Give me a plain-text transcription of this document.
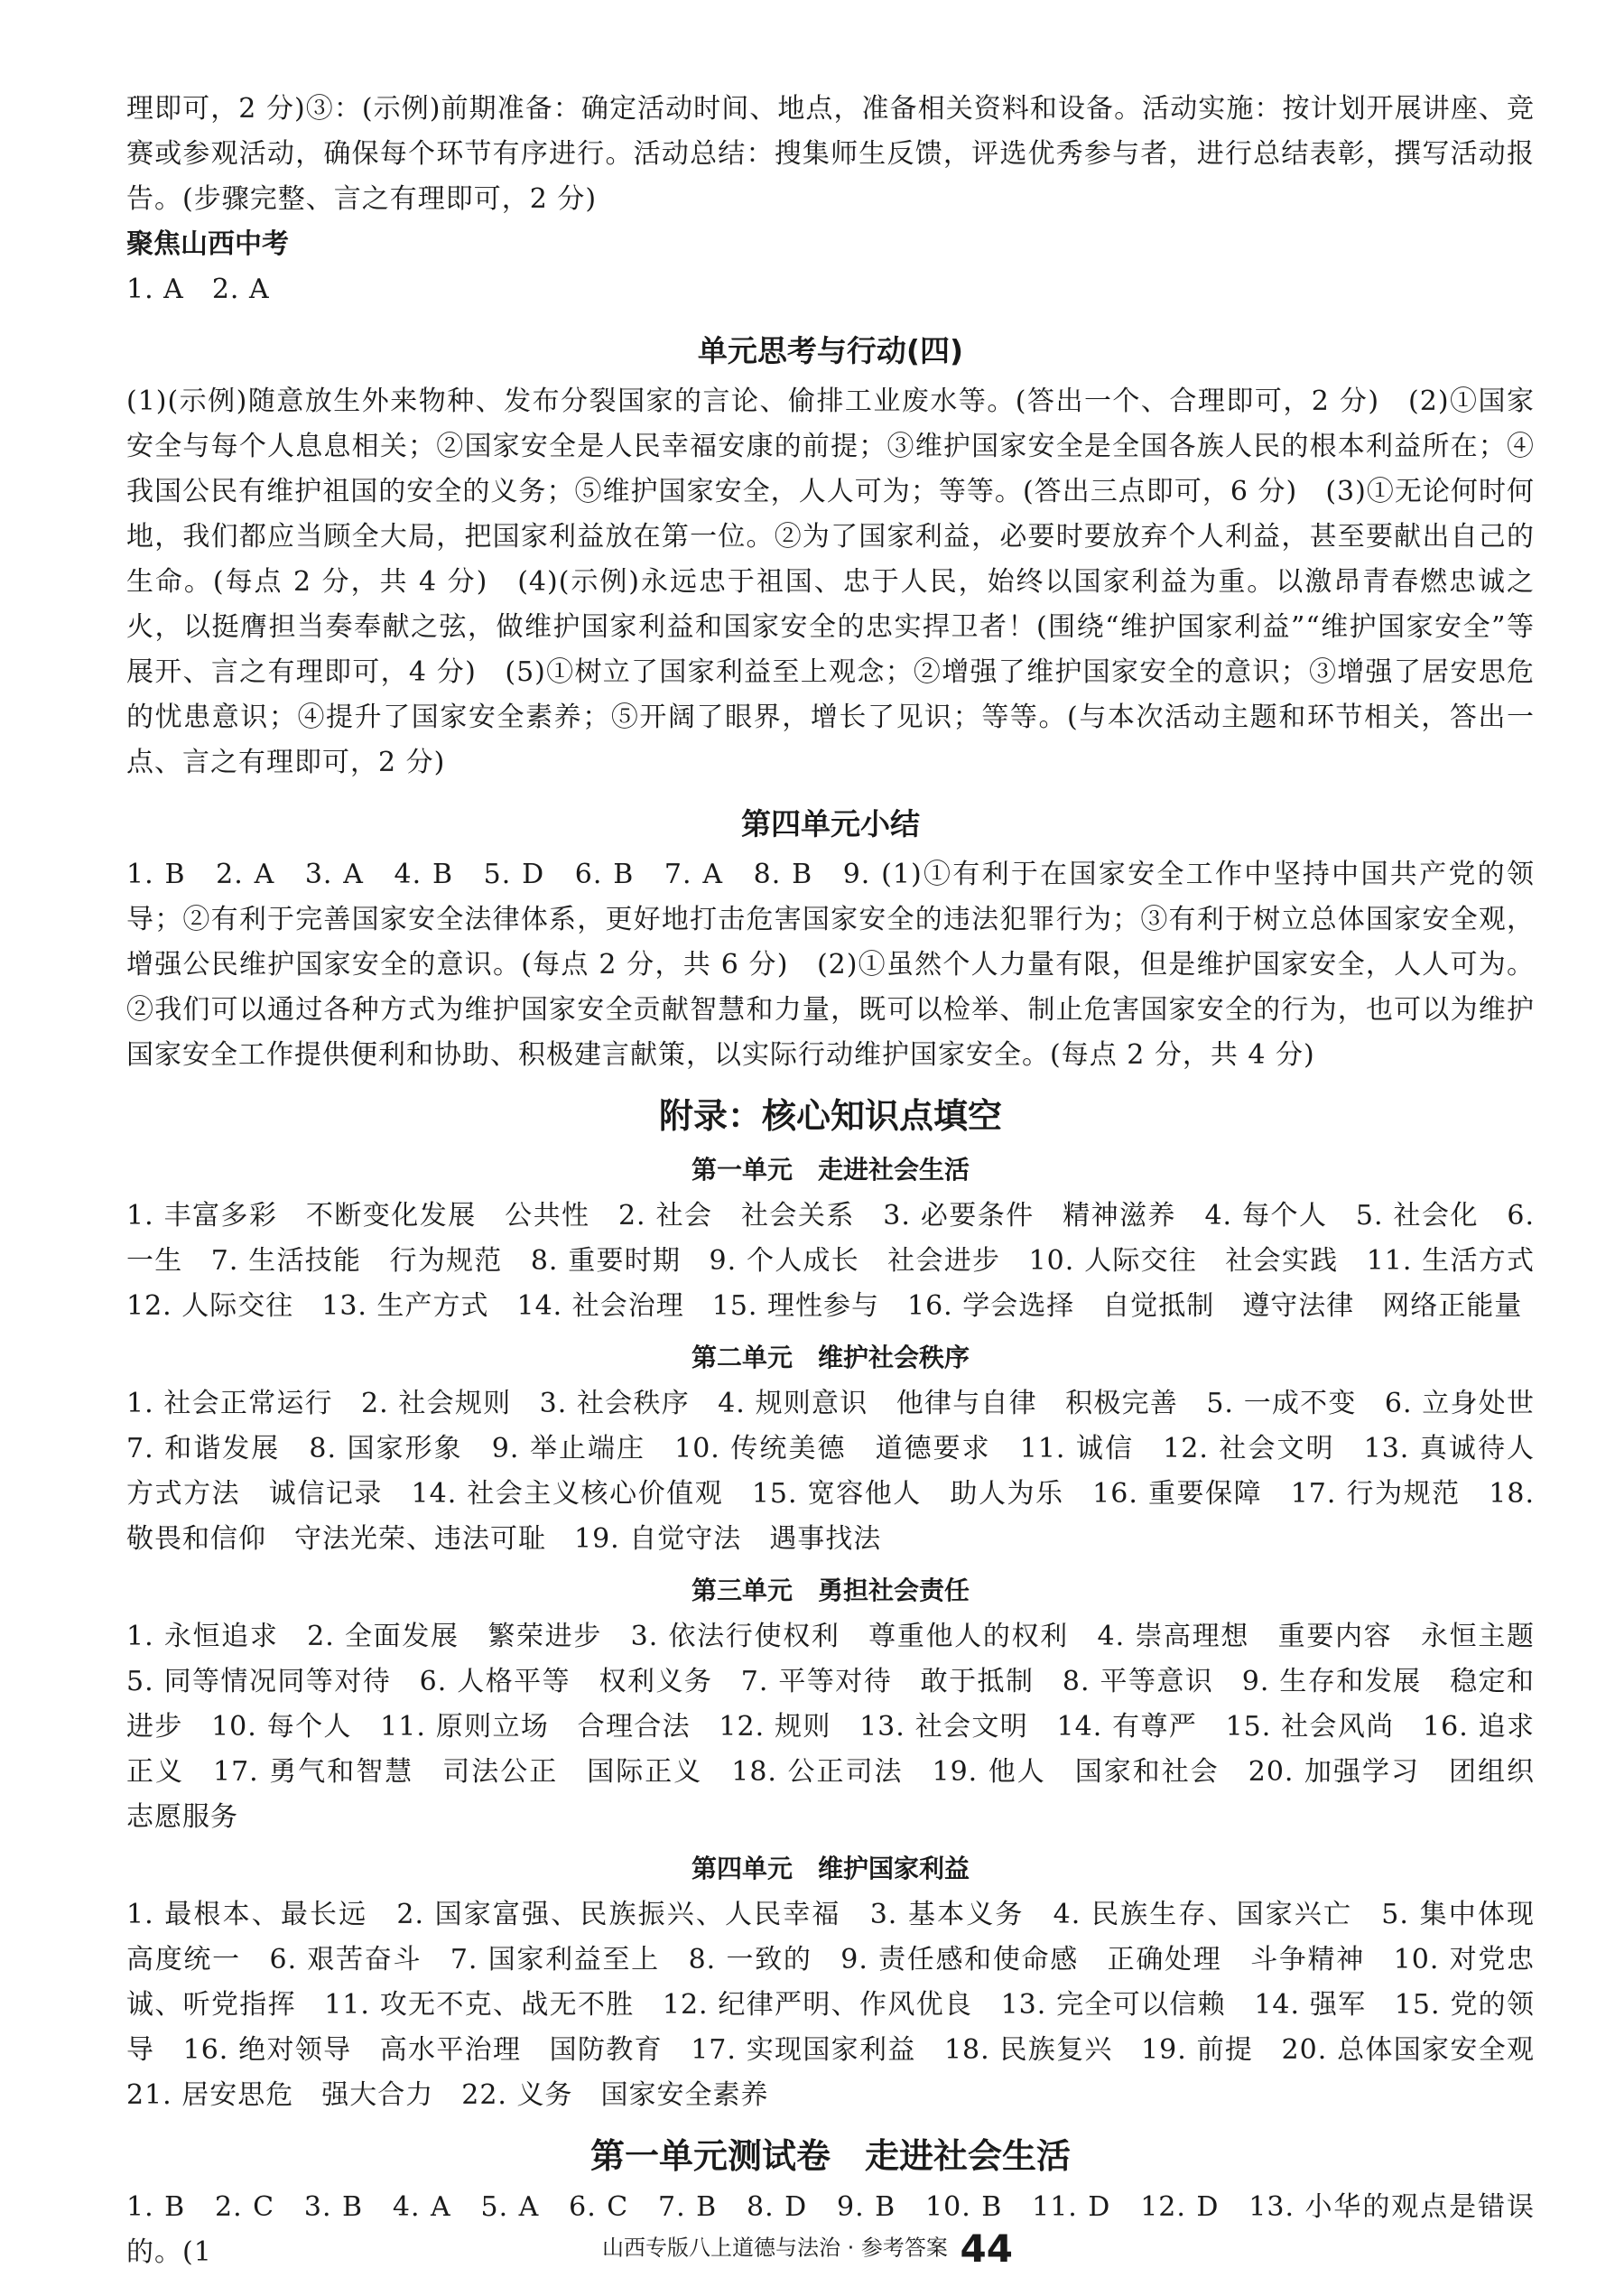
理即可，2 分)③：(示例)前期准备：确定活动时间、地点，准备相关资料和设备。活动实施：按计划开展讲座、竞赛或参观活动，确保每个环节有序进行。活动总结：搜集师生反馈，评选优秀参与者，进行总结表彰，撰写活动报告。(步骤完整、言之有理即可，2 分)

聚焦山西中考

1. A　2. A

单元思考与行动(四)

(1)(示例)随意放生外来物种、发布分裂国家的言论、偷排工业废水等。(答出一个、合理即可，2 分)　(2)①国家安全与每个人息息相关；②国家安全是人民幸福安康的前提；③维护国家安全是全国各族人民的根本利益所在；④我国公民有维护祖国的安全的义务；⑤维护国家安全，人人可为；等等。(答出三点即可，6 分)　(3)①无论何时何地，我们都应当顾全大局，把国家利益放在第一位。②为了国家利益，必要时要放弃个人利益，甚至要献出自己的生命。(每点 2 分，共 4 分)　(4)(示例)永远忠于祖国、忠于人民，始终以国家利益为重。以激昂青春燃忠诚之火，以挺膺担当奏奉献之弦，做维护国家利益和国家安全的忠实捍卫者！(围绕“维护国家利益”“维护国家安全”等展开、言之有理即可，4 分)　(5)①树立了国家利益至上观念；②增强了维护国家安全的意识；③增强了居安思危的忧患意识；④提升了国家安全素养；⑤开阔了眼界，增长了见识；等等。(与本次活动主题和环节相关，答出一点、言之有理即可，2 分)

第四单元小结

1. B　2. A　3. A　4. B　5. D　6. B　7. A　8. B　9. (1)①有利于在国家安全工作中坚持中国共产党的领导；②有利于完善国家安全法律体系，更好地打击危害国家安全的违法犯罪行为；③有利于树立总体国家安全观，增强公民维护国家安全的意识。(每点 2 分，共 6 分)　(2)①虽然个人力量有限，但是维护国家安全，人人可为。②我们可以通过各种方式为维护国家安全贡献智慧和力量，既可以检举、制止危害国家安全的行为，也可以为维护国家安全工作提供便利和协助、积极建言献策，以实际行动维护国家安全。(每点 2 分，共 4 分)

附录：核心知识点填空
第一单元　走进社会生活

1. 丰富多彩　不断变化发展　公共性　2. 社会　社会关系　3. 必要条件　精神滋养　4. 每个人　5. 社会化　6. 一生　7. 生活技能　行为规范　8. 重要时期　9. 个人成长　社会进步　10. 人际交往　社会实践　11. 生活方式　12. 人际交往　13. 生产方式　14. 社会治理　15. 理性参与　16. 学会选择　自觉抵制　遵守法律　网络正能量

第二单元　维护社会秩序

1. 社会正常运行　2. 社会规则　3. 社会秩序　4. 规则意识　他律与自律　积极完善　5. 一成不变　6. 立身处世　7. 和谐发展　8. 国家形象　9. 举止端庄　10. 传统美德　道德要求　11. 诚信　12. 社会文明　13. 真诚待人　方式方法　诚信记录　14. 社会主义核心价值观　15. 宽容他人　助人为乐　16. 重要保障　17. 行为规范　18. 敬畏和信仰　守法光荣、违法可耻　19. 自觉守法　遇事找法

第三单元　勇担社会责任

1. 永恒追求　2. 全面发展　繁荣进步　3. 依法行使权利　尊重他人的权利　4. 崇高理想　重要内容　永恒主题　5. 同等情况同等对待　6. 人格平等　权利义务　7. 平等对待　敢于抵制　8. 平等意识　9. 生存和发展　稳定和进步　10. 每个人　11. 原则立场　合理合法　12. 规则　13. 社会文明　14. 有尊严　15. 社会风尚　16. 追求正义　17. 勇气和智慧　司法公正　国际正义　18. 公正司法　19. 他人　国家和社会　20. 加强学习　团组织　志愿服务

第四单元　维护国家利益

1. 最根本、最长远　2. 国家富强、民族振兴、人民幸福　3. 基本义务　4. 民族生存、国家兴亡　5. 集中体现　高度统一　6. 艰苦奋斗　7. 国家利益至上　8. 一致的　9. 责任感和使命感　正确处理　斗争精神　10. 对党忠诚、听党指挥　11. 攻无不克、战无不胜　12. 纪律严明、作风优良　13. 完全可以信赖　14. 强军　15. 党的领导　16. 绝对领导　高水平治理　国防教育　17. 实现国家利益　18. 民族复兴　19. 前提　20. 总体国家安全观　21. 居安思危　强大合力　22. 义务　国家安全素养

第一单元测试卷　走进社会生活

1. B　2. C　3. B　4. A　5. A　6. C　7. B　8. D　9. B　10. B　11. D　12. D　13. 小华的观点是错误的。(1	山西专版八上道德与法治 · 参考答案 44
